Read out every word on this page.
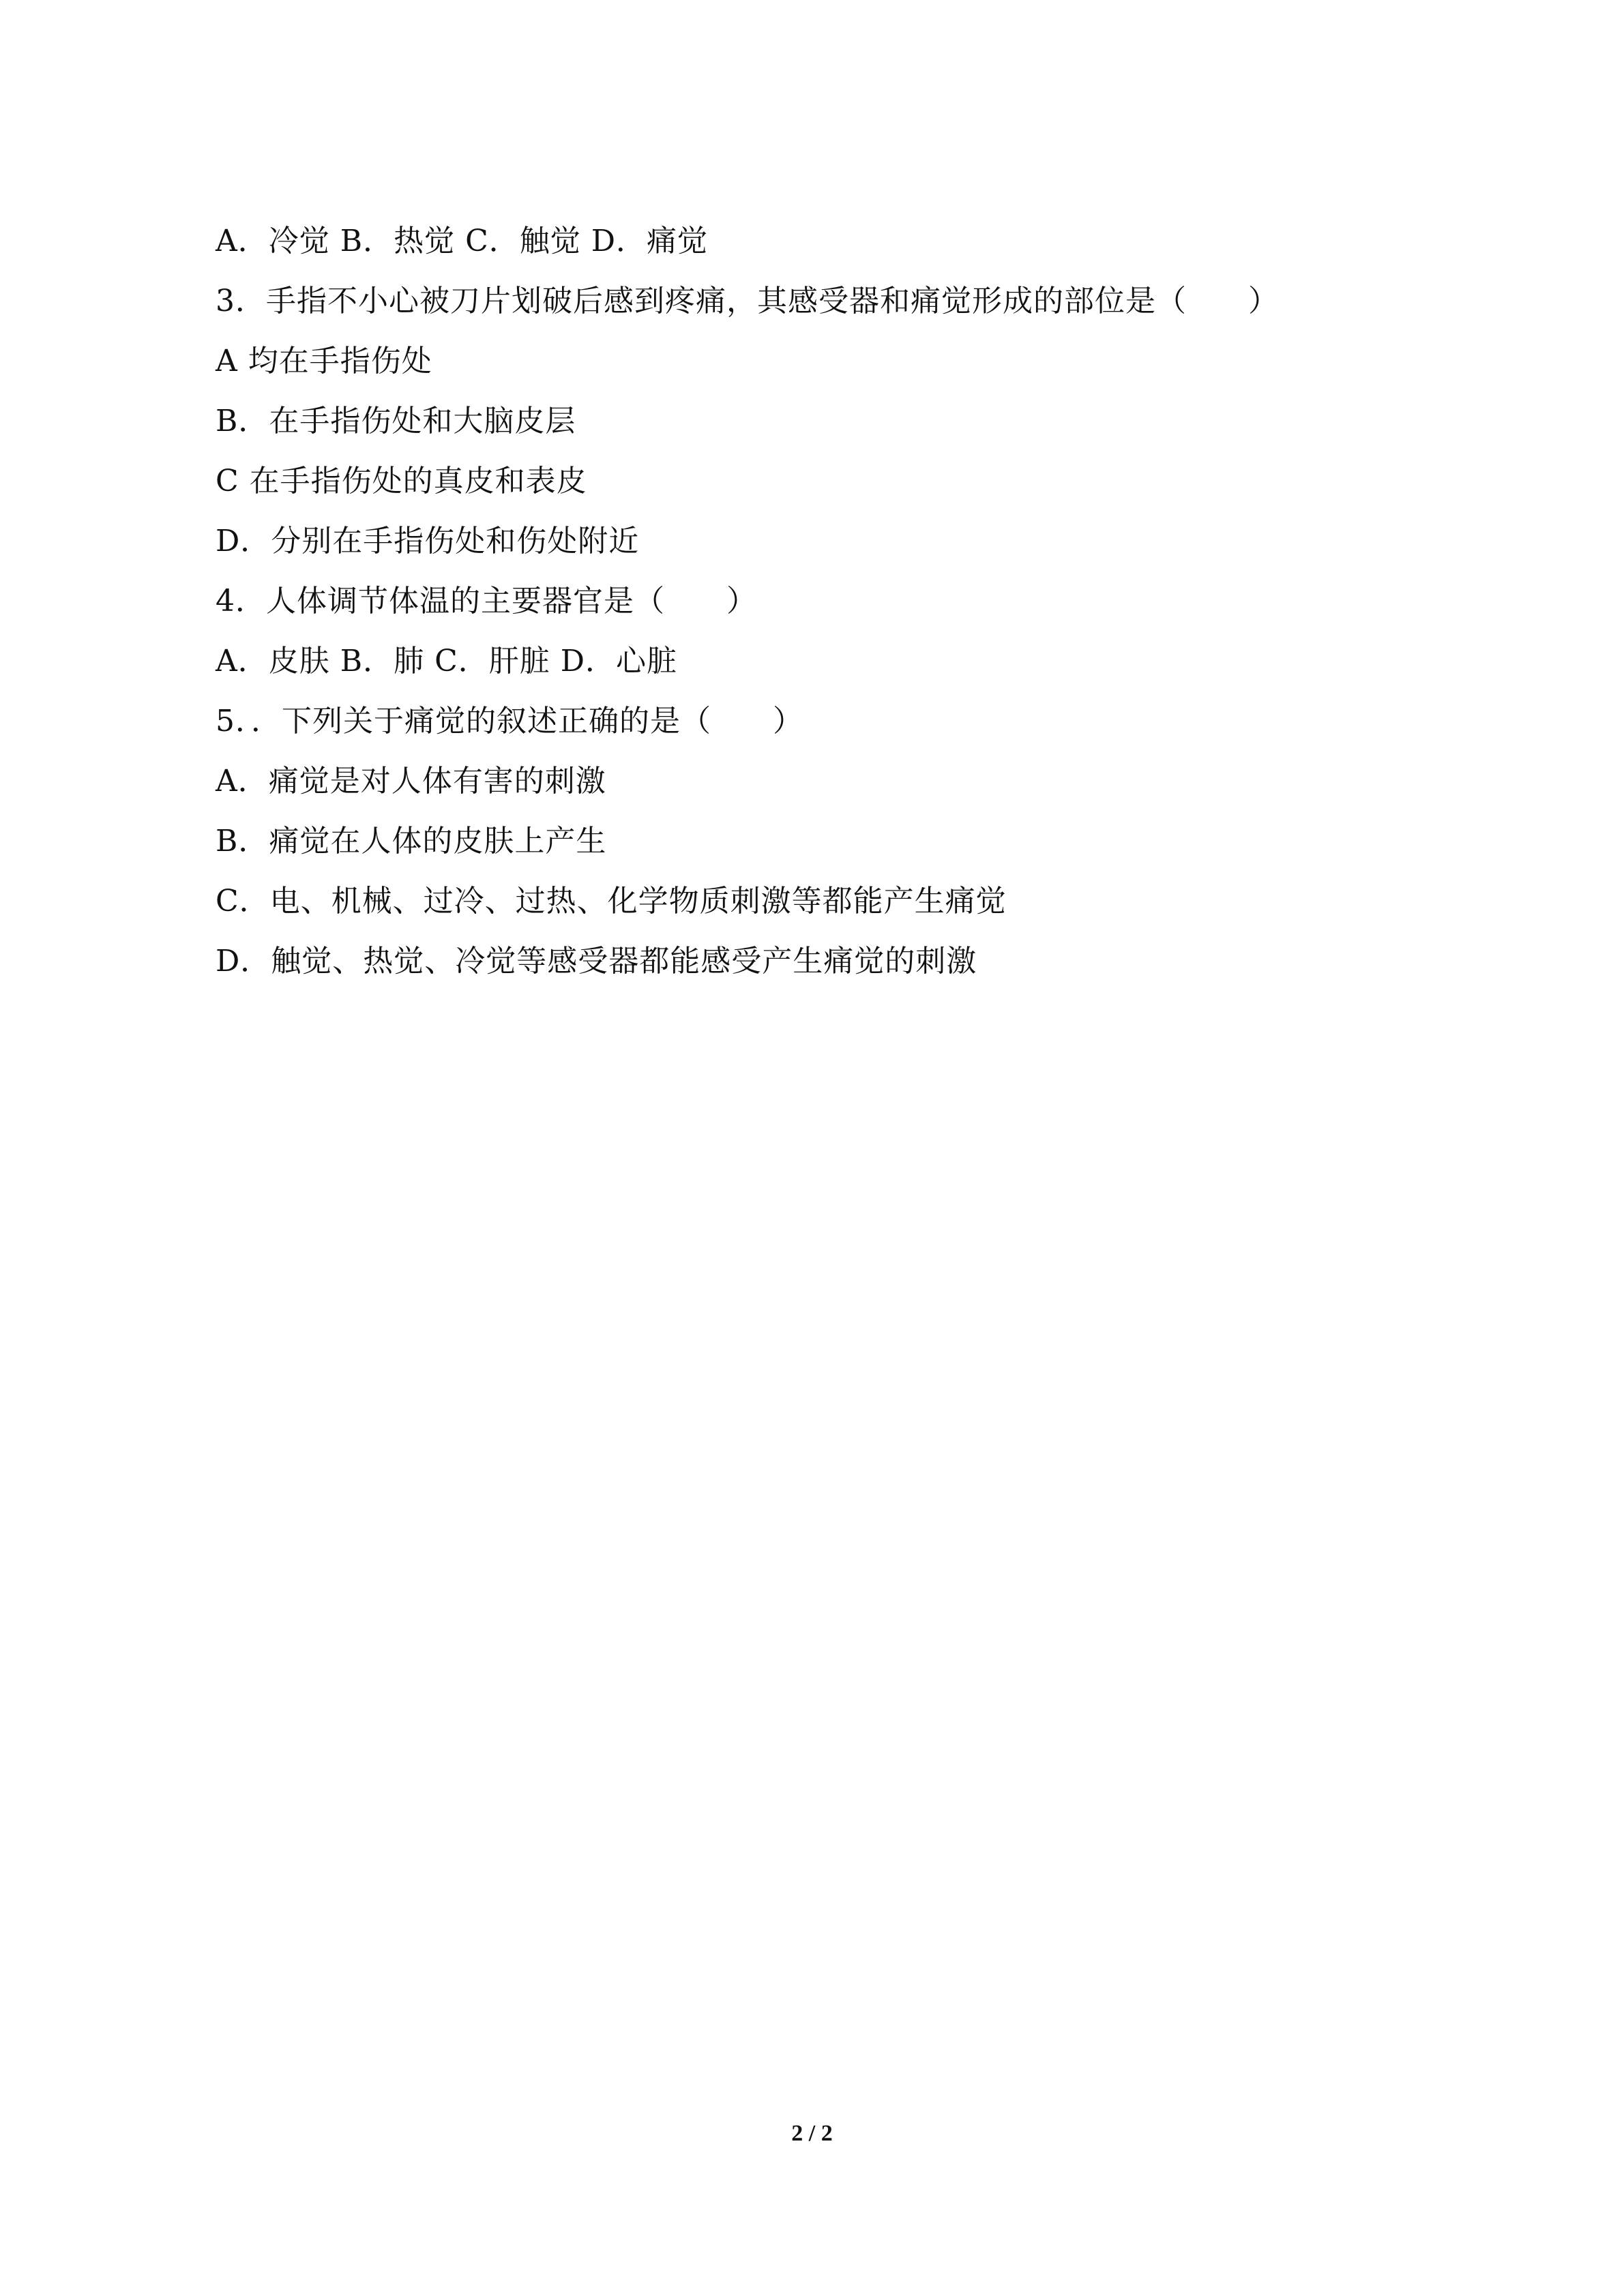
A．冷觉 B．热觉 C．触觉 D．痛觉
3．手指不小心被刀片划破后感到疼痛，其感受器和痛觉形成的部位是（　　）
A 均在手指伤处
B．在手指伤处和大脑皮层
C 在手指伤处的真皮和表皮
D．分别在手指伤处和伤处附近
4．人体调节体温的主要器官是（　　）
A．皮肤 B．肺 C．肝脏 D．心脏
5．．下列关于痛觉的叙述正确的是（　　）
A．痛觉是对人体有害的刺激
B．痛觉在人体的皮肤上产生
C．电、机械、过冷、过热、化学物质刺激等都能产生痛觉
D．触觉、热觉、冷觉等感受器都能感受产生痛觉的刺激
2 / 2
